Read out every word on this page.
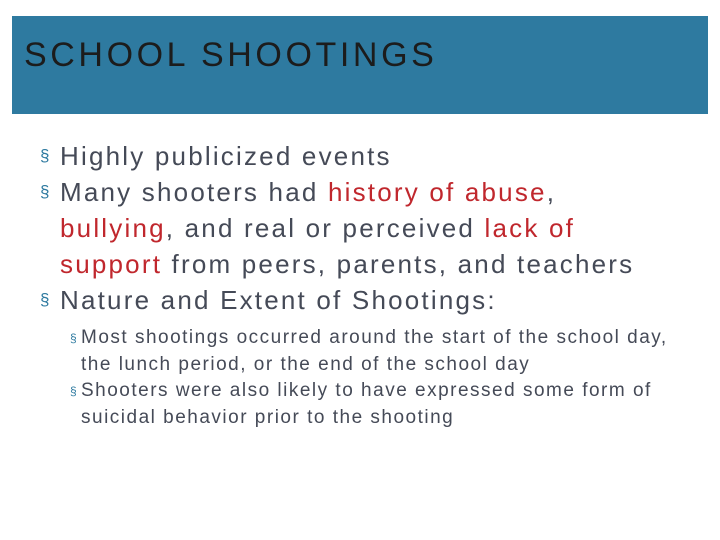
SCHOOL SHOOTINGS
§ Highly publicized events
§ Many shooters had history of abuse, bullying, and real or perceived lack of support from peers, parents, and teachers
§ Nature and Extent of Shootings:
§ Most shootings occurred around the start of the school day, the lunch period, or the end of the school day
§ Shooters were also likely to have expressed some form of suicidal behavior prior to the shooting
